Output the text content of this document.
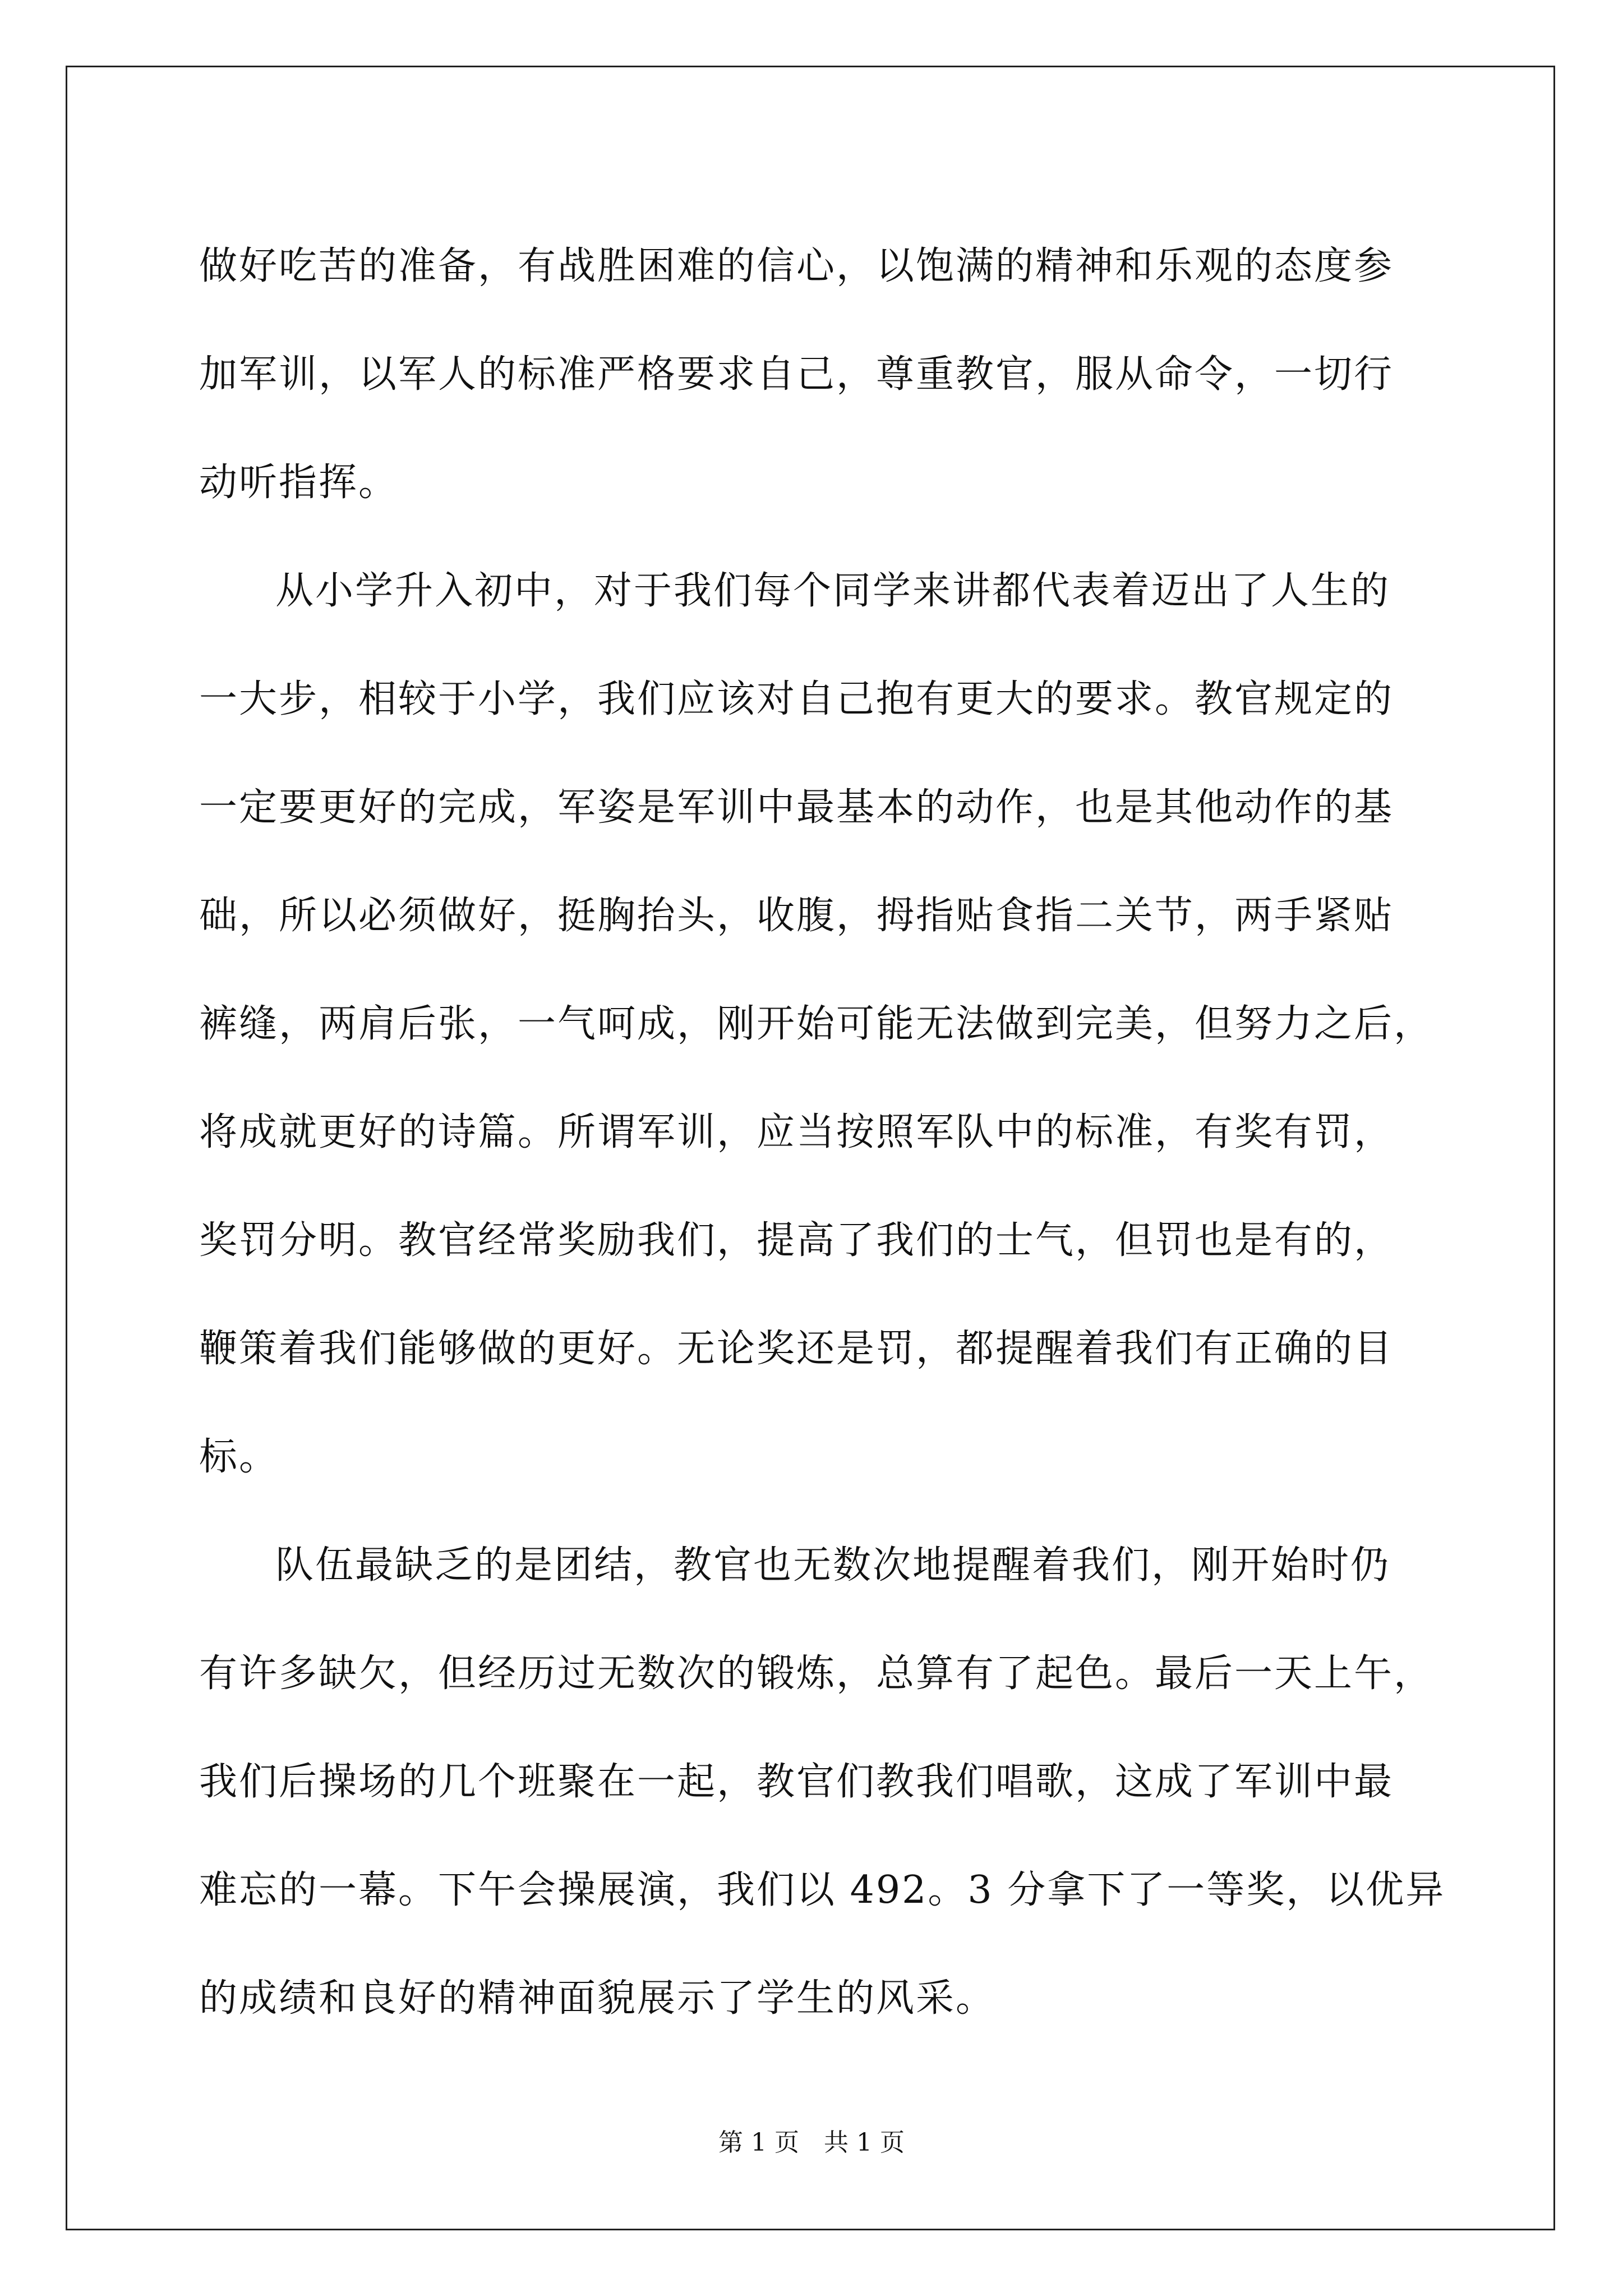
做好吃苦的准备，有战胜困难的信心，以饱满的精神和乐观的态度参
加军训，以军人的标准严格要求自己，尊重教官，服从命令，一切行
动听指挥。
从小学升入初中，对于我们每个同学来讲都代表着迈出了人生的
一大步，相较于小学，我们应该对自己抱有更大的要求。教官规定的
一定要更好的完成，军姿是军训中最基本的动作，也是其他动作的基
础，所以必须做好，挺胸抬头，收腹，拇指贴食指二关节，两手紧贴
裤缝，两肩后张，一气呵成，刚开始可能无法做到完美，但努力之后，
将成就更好的诗篇。所谓军训，应当按照军队中的标准，有奖有罚，
奖罚分明。教官经常奖励我们，提高了我们的士气，但罚也是有的，
鞭策着我们能够做的更好。无论奖还是罚，都提醒着我们有正确的目
标。
队伍最缺乏的是团结，教官也无数次地提醒着我们，刚开始时仍
有许多缺欠，但经历过无数次的锻炼，总算有了起色。最后一天上午，
我们后操场的几个班聚在一起，教官们教我们唱歌，这成了军训中最
难忘的一幕。下午会操展演，我们以 492。3 分拿下了一等奖，以优异
的成绩和良好的精神面貌展示了学生的风采。
第 1 页 共 1 页
